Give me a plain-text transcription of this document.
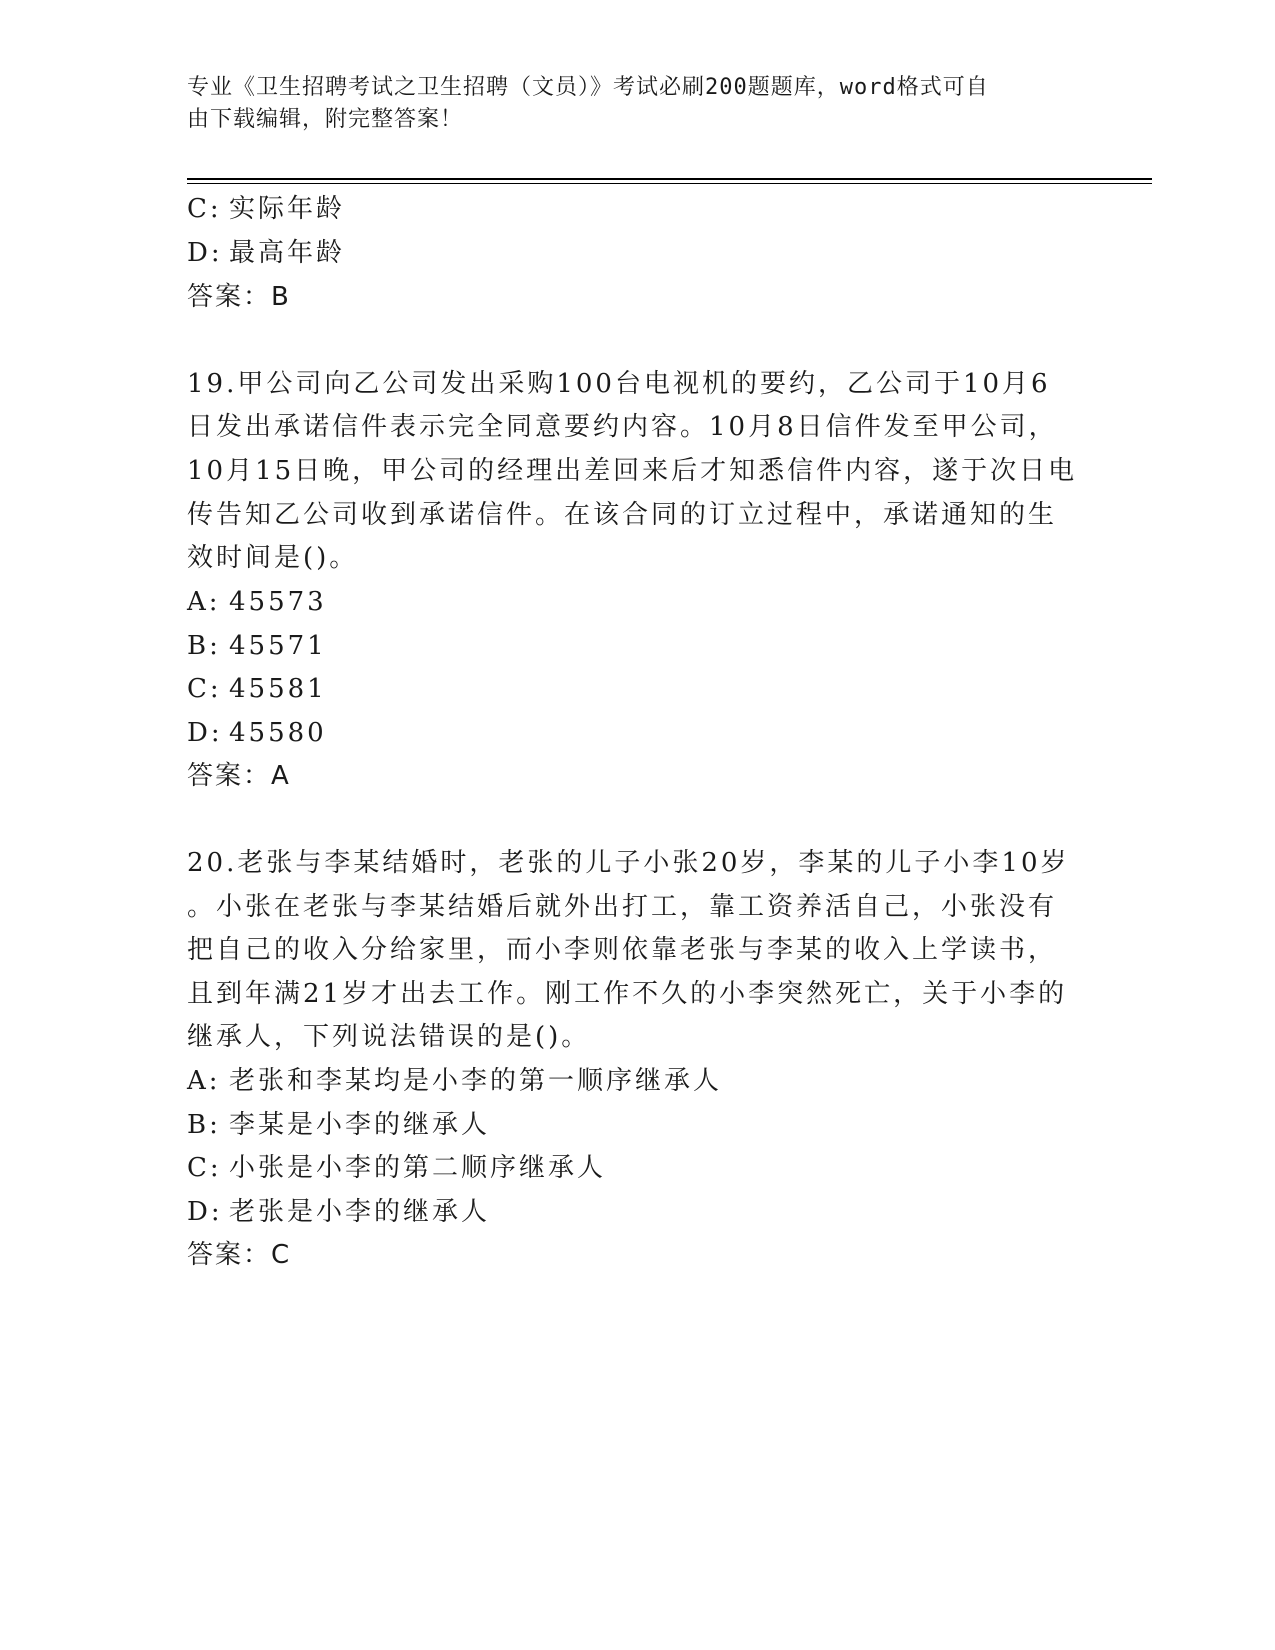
专业《卫生招聘考试之卫生招聘（文员）》考试必刷200题题库，word格式可自
由下载编辑，附完整答案！
C: 实际年龄
D: 最高年龄
答案：B
19.甲公司向乙公司发出采购100台电视机的要约，乙公司于10月6
日发出承诺信件表示完全同意要约内容。10月8日信件发至甲公司，
10月15日晚，甲公司的经理出差回来后才知悉信件内容，遂于次日电
传告知乙公司收到承诺信件。在该合同的订立过程中，承诺通知的生
效时间是()。
A: 45573
B: 45571
C: 45581
D: 45580
答案：A
20.老张与李某结婚时，老张的儿子小张20岁，李某的儿子小李10岁
。小张在老张与李某结婚后就外出打工，靠工资养活自己，小张没有
把自己的收入分给家里，而小李则依靠老张与李某的收入上学读书，
且到年满21岁才出去工作。刚工作不久的小李突然死亡，关于小李的
继承人，下列说法错误的是()。
A: 老张和李某均是小李的第一顺序继承人
B: 李某是小李的继承人
C: 小张是小李的第二顺序继承人
D: 老张是小李的继承人
答案：C
